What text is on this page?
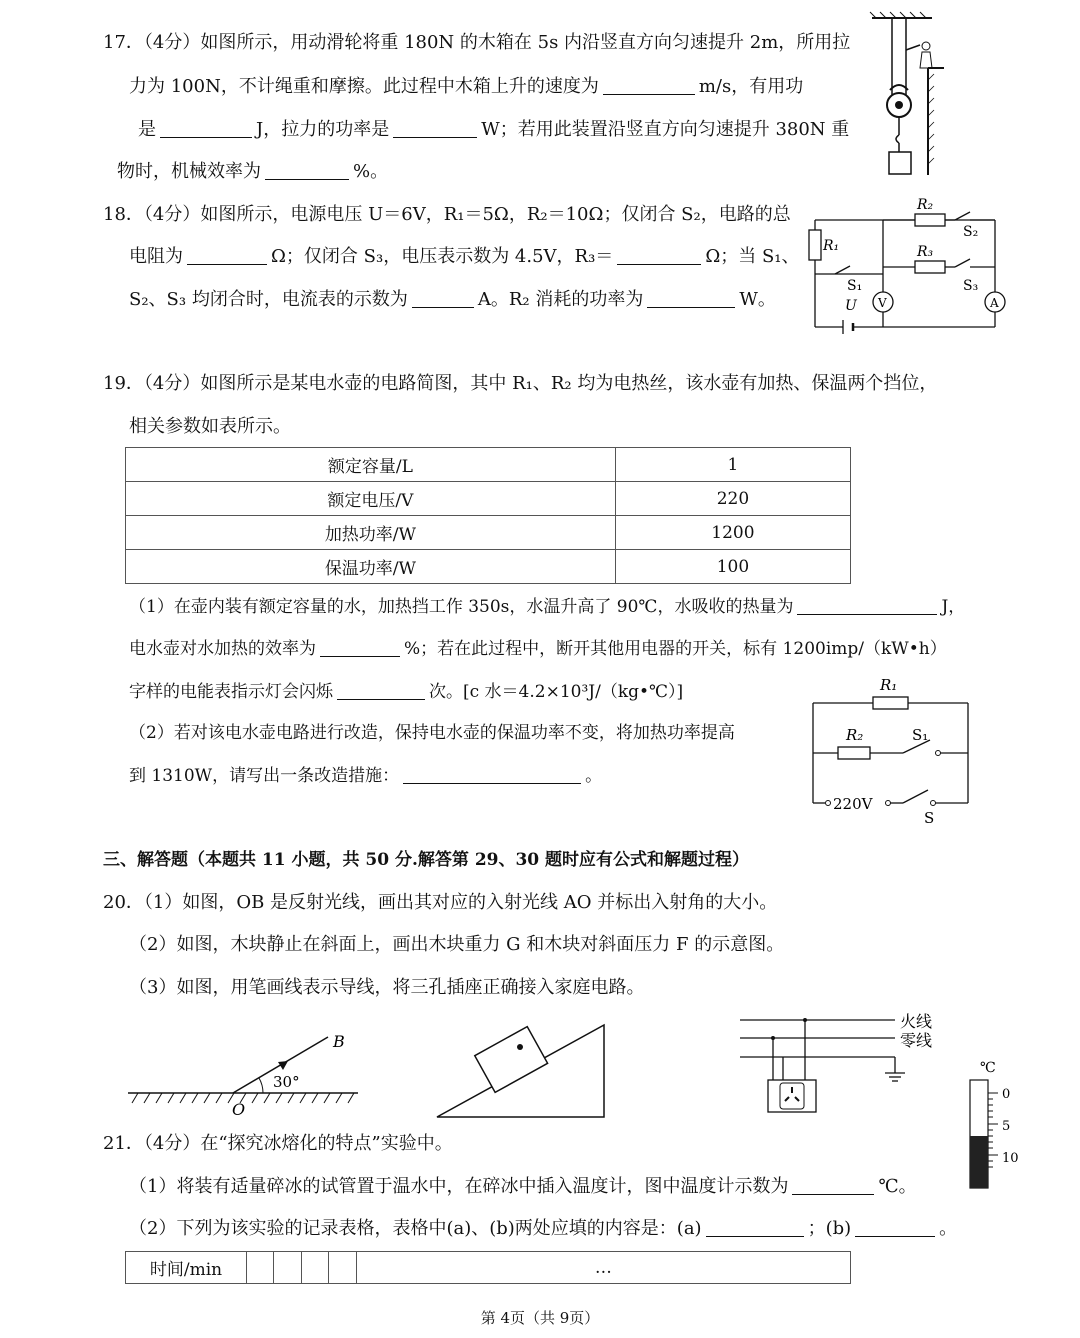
17．（4分）如图所示，用动滑轮将重 180N 的木箱在 5s 内沿竖直方向匀速提升 2m，所用拉
力为 100N，不计绳重和摩擦。此过程中木箱上升的速度为	m/s，有用功
是	J，拉力的功率是	W；若用此装置沿竖直方向匀速提升 380N 重
物时，机械效率为	%。
18．（4分）如图所示，电源电压 U＝6V，R₁＝5Ω，R₂＝10Ω；仅闭合 S₂，电路的总
电阻为	Ω；仅闭合 S₃，电压表示数为 4.5V，R₃＝	Ω；当 S₁、
S₂、S₃ 均闭合时，电流表的示数为	A。R₂ 消耗的功率为	W。
R₁
R₂
R₃
S₂
S₃
S₁
U V	A
19．（4分）如图所示是某电水壶的电路简图，其中 R₁、R₂ 均为电热丝，该水壶有加热、保温两个挡位，
相关参数如表所示。
额定容量/L	1
额定电压/V	220
加热功率/W	1200
保温功率/W	100
（1）在壶内装有额定容量的水，加热挡工作 350s，水温升高了 90℃，水吸收的热量为	J，
电水壶对水加热的效率为	%；若在此过程中，断开其他用电器的开关，标有 1200imp/（kW•h）
字样的电能表指示灯会闪烁	次。[c 水＝4.2×10³J/（kg•℃）]
（2）若对该电水壶电路进行改造，保持电水壶的保温功率不变，将加热功率提高
到 1310W，请写出一条改造措施：	。
R₁
R₂	S₁
220V
S
三、解答题（本题共 11 小题，共 50 分.解答第 29、30 题时应有公式和解题过程）
20．（1）如图，OB 是反射光线，画出其对应的入射光线 AO 并标出入射角的大小。
（2）如图，木块静止在斜面上，画出木块重力 G 和木块对斜面压力 F 的示意图。
（3）如图，用笔画线表示导线，将三孔插座正确接入家庭电路。
B
O
30°
火线
零线
℃
0
5
10
21．（4分）在“探究冰熔化的特点”实验中。
（1）将装有适量碎冰的试管置于温水中，在碎冰中插入温度计，图中温度计示数为	℃。
（2）下列为该实验的记录表格，表格中(a)、(b)两处应填的内容是：(a)	；(b)	。
时间/min					…
第 4页（共 9页）
